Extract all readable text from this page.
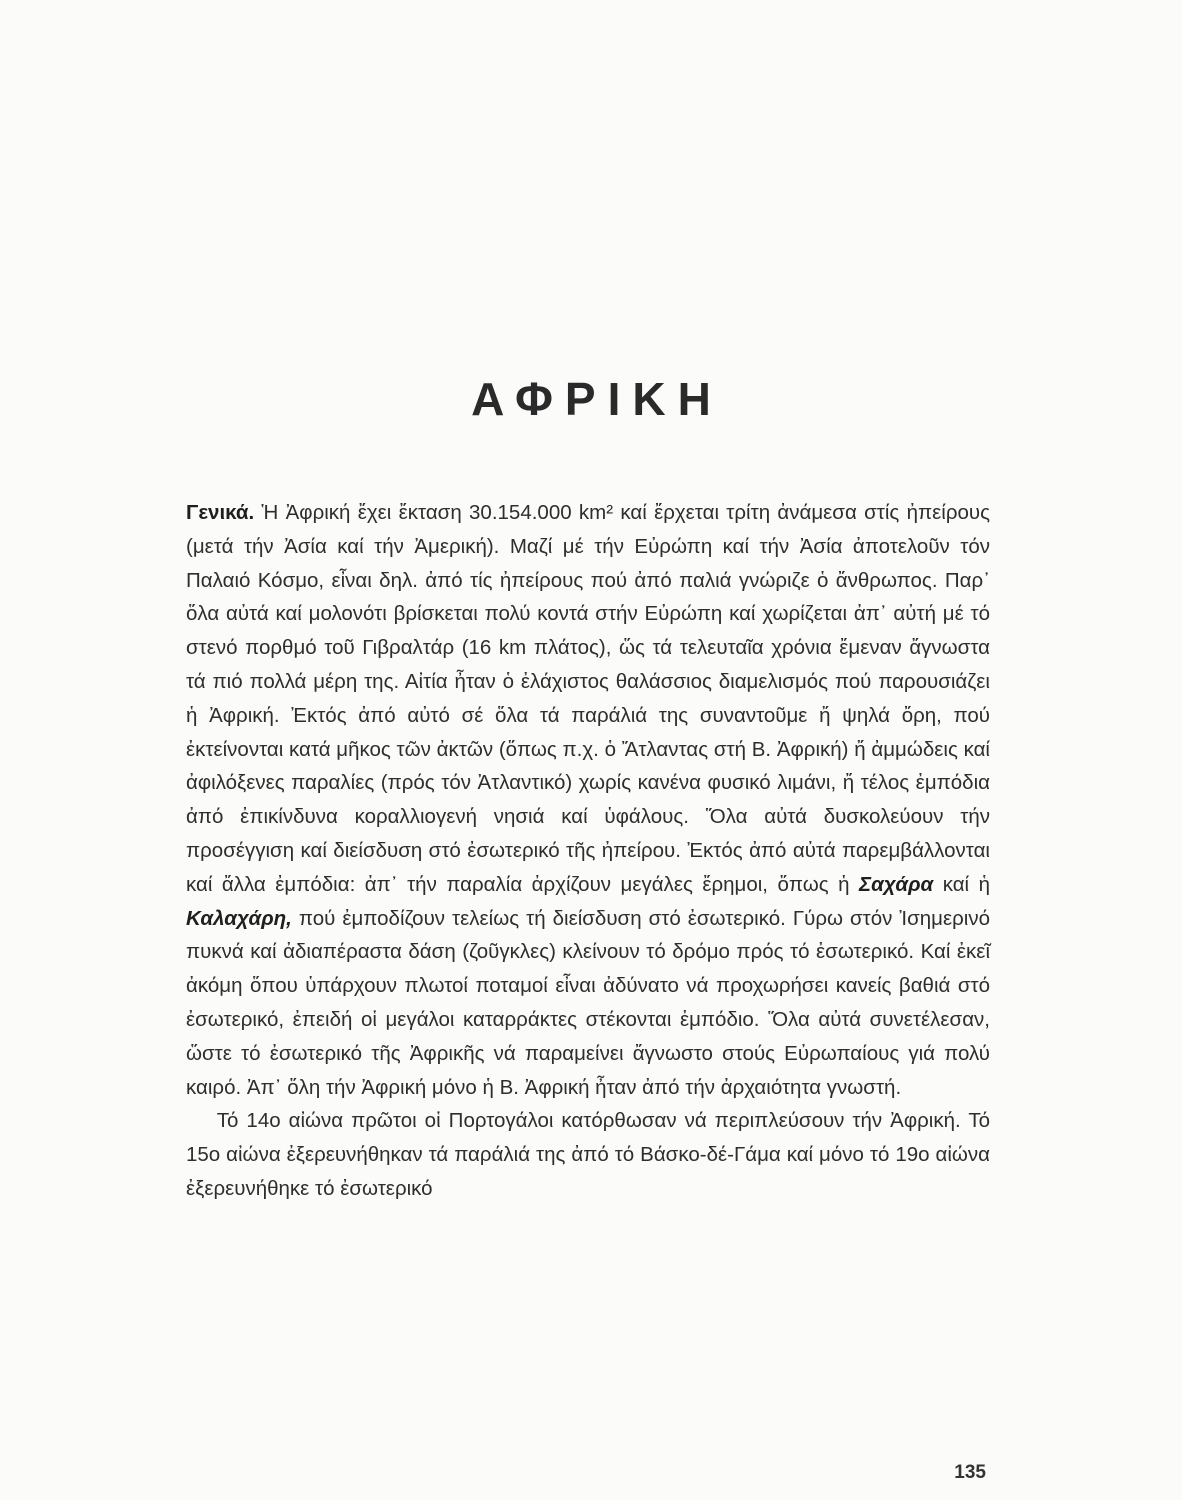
ΑΦΡΙΚΗ

Γενικά. Ἡ Ἀφρική ἔχει ἔκταση 30.154.000 km² καί ἔρχεται τρίτη ἀνάμεσα στίς ἠπείρους (μετά τήν Ἀσία καί τήν Ἀμερική). Μαζί μέ τήν Εὐρώπη καί τήν Ἀσία ἀποτελοῦν τόν Παλαιό Κόσμο, εἶναι δηλ. ἀπό τίς ἠπείρους πού ἀπό παλιά γνώριζε ὁ ἄνθρωπος. Παρ᾽ ὅλα αὐτά καί μολονότι βρίσκεται πολύ κοντά στήν Εὐρώπη καί χωρίζεται ἀπ᾽ αὐτή μέ τό στενό πορθμό τοῦ Γιβραλτάρ (16 km πλάτος), ὥς τά τελευταῖα χρόνια ἔμεναν ἄγνωστα τά πιό πολλά μέρη της. Αἰτία ἦταν ὁ ἐλάχιστος θαλάσσιος διαμελισμός πού παρουσιάζει ἡ Ἀφρική. Ἐκτός ἀπό αὐτό σέ ὅλα τά παράλιά της συναντοῦμε ἤ ψηλά ὄρη, πού ἐκτείνονται κατά μῆκος τῶν ἀκτῶν (ὅπως π.χ. ὁ Ἄτλαντας στή Β. Ἀφρική) ἤ ἀμμώδεις καί ἀφιλόξενες παραλίες (πρός τόν Ἀτλαντικό) χωρίς κανένα φυσικό λιμάνι, ἤ τέλος ἐμπόδια ἀπό ἐπικίνδυνα κοραλλιογενή νησιά καί ὑφάλους. Ὅλα αὐτά δυσκολεύουν τήν προσέγγιση καί διείσδυση στό ἐσωτερικό τῆς ἠπείρου. Ἐκτός ἀπό αὐτά παρεμβάλλονται καί ἄλλα ἐμπόδια: ἀπ᾽ τήν παραλία ἀρχίζουν μεγάλες ἔρημοι, ὅπως ἡ Σαχάρα καί ἡ Καλαχάρη, πού ἐμποδίζουν τελείως τή διείσδυση στό ἐσωτερικό. Γύρω στόν Ἰσημερινό πυκνά καί ἀδιαπέραστα δάση (ζοῦγκλες) κλείνουν τό δρόμο πρός τό ἐσωτερικό. Καί ἐκεῖ ἀκόμη ὅπου ὑπάρχουν πλωτοί ποταμοί εἶναι ἀδύνατο νά προχωρήσει κανείς βαθιά στό ἐσωτερικό, ἐπειδή οἱ μεγάλοι καταρράκτες στέκονται ἐμπόδιο. Ὅλα αὐτά συνετέλεσαν, ὥστε τό ἐσωτερικό τῆς Ἀφρικῆς νά παραμείνει ἄγνωστο στούς Εὐρωπαίους γιά πολύ καιρό. Ἀπ᾽ ὅλη τήν Ἀφρική μόνο ἡ Β. Ἀφρική ἦταν ἀπό τήν ἀρχαιότητα γνωστή.

Τό 14ο αἰώνα πρῶτοι οἱ Πορτογάλοι κατόρθωσαν νά περιπλεύσουν τήν Ἀφρική. Τό 15ο αἰώνα ἐξερευνήθηκαν τά παράλιά της ἀπό τό Βάσκο-δέ-Γάμα καί μόνο τό 19ο αἰώνα ἐξερευνήθηκε τό ἐσωτερικό

135
